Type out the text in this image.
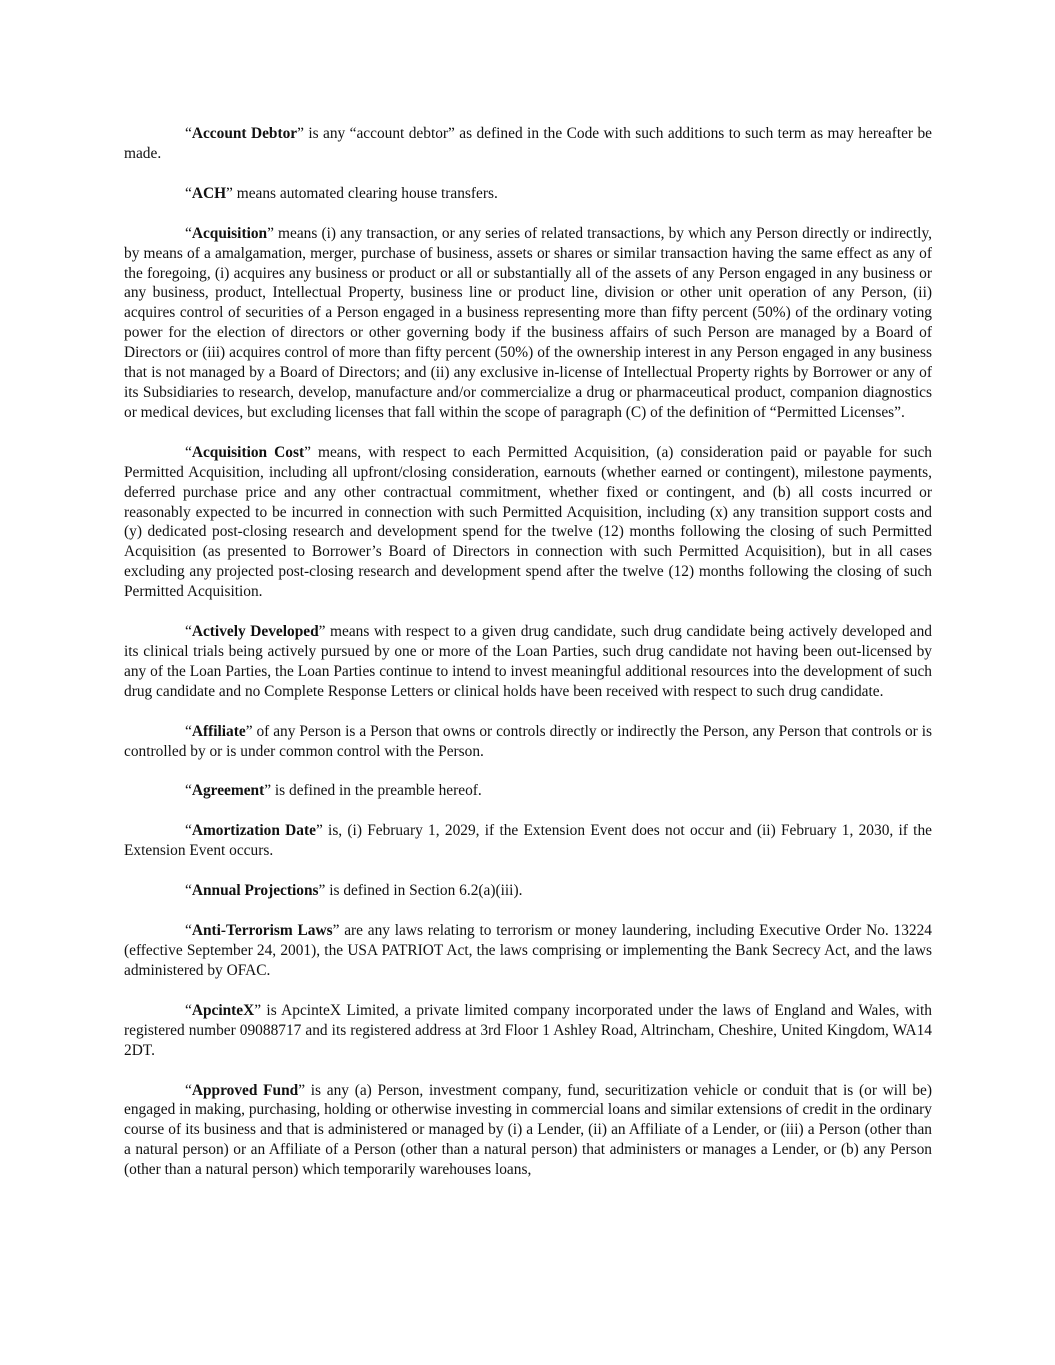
“Account Debtor” is any “account debtor” as defined in the Code with such additions to such term as may hereafter be made.

“ACH” means automated clearing house transfers.

“Acquisition” means (i) any transaction, or any series of related transactions, by which any Person directly or indirectly, by means of a amalgamation, merger, purchase of business, assets or shares or similar transaction having the same effect as any of the foregoing, (i) acquires any business or product or all or substantially all of the assets of any Person engaged in any business or any business, product, Intellectual Property, business line or product line, division or other unit operation of any Person, (ii) acquires control of securities of a Person engaged in a business representing more than fifty percent (50%) of the ordinary voting power for the election of directors or other governing body if the business affairs of such Person are managed by a Board of Directors or (iii) acquires control of more than fifty percent (50%) of the ownership interest in any Person engaged in any business that is not managed by a Board of Directors; and (ii) any exclusive in-license of Intellectual Property rights by Borrower or any of its Subsidiaries to research, develop, manufacture and/or commercialize a drug or pharmaceutical product, companion diagnostics or medical devices, but excluding licenses that fall within the scope of paragraph (C) of the definition of “Permitted Licenses”.

“Acquisition Cost” means, with respect to each Permitted Acquisition, (a) consideration paid or payable for such Permitted Acquisition, including all upfront/closing consideration, earnouts (whether earned or contingent), milestone payments, deferred purchase price and any other contractual commitment, whether fixed or contingent, and (b) all costs incurred or reasonably expected to be incurred in connection with such Permitted Acquisition, including (x) any transition support costs and (y) dedicated post-closing research and development spend for the twelve (12) months following the closing of such Permitted Acquisition (as presented to Borrower’s Board of Directors in connection with such Permitted Acquisition), but in all cases excluding any projected post-closing research and development spend after the twelve (12) months following the closing of such Permitted Acquisition.

“Actively Developed” means with respect to a given drug candidate, such drug candidate being actively developed and its clinical trials being actively pursued by one or more of the Loan Parties, such drug candidate not having been out-licensed by any of the Loan Parties, the Loan Parties continue to intend to invest meaningful additional resources into the development of such drug candidate and no Complete Response Letters or clinical holds have been received with respect to such drug candidate.

“Affiliate” of any Person is a Person that owns or controls directly or indirectly the Person, any Person that controls or is controlled by or is under common control with the Person.

“Agreement” is defined in the preamble hereof.

“Amortization Date” is, (i) February 1, 2029, if the Extension Event does not occur and (ii) February 1, 2030, if the Extension Event occurs.

“Annual Projections” is defined in Section 6.2(a)(iii).

“Anti-Terrorism Laws” are any laws relating to terrorism or money laundering, including Executive Order No. 13224 (effective September 24, 2001), the USA PATRIOT Act, the laws comprising or implementing the Bank Secrecy Act, and the laws administered by OFAC.

“ApcinteX” is ApcinteX Limited, a private limited company incorporated under the laws of England and Wales, with registered number 09088717 and its registered address at 3rd Floor 1 Ashley Road, Altrincham, Cheshire, United Kingdom, WA14 2DT.

“Approved Fund” is any (a) Person, investment company, fund, securitization vehicle or conduit that is (or will be) engaged in making, purchasing, holding or otherwise investing in commercial loans and similar extensions of credit in the ordinary course of its business and that is administered or managed by (i) a Lender, (ii) an Affiliate of a Lender, or (iii) a Person (other than a natural person) or an Affiliate of a Person (other than a natural person) that administers or manages a Lender, or (b) any Person (other than a natural person) which temporarily warehouses loans,
